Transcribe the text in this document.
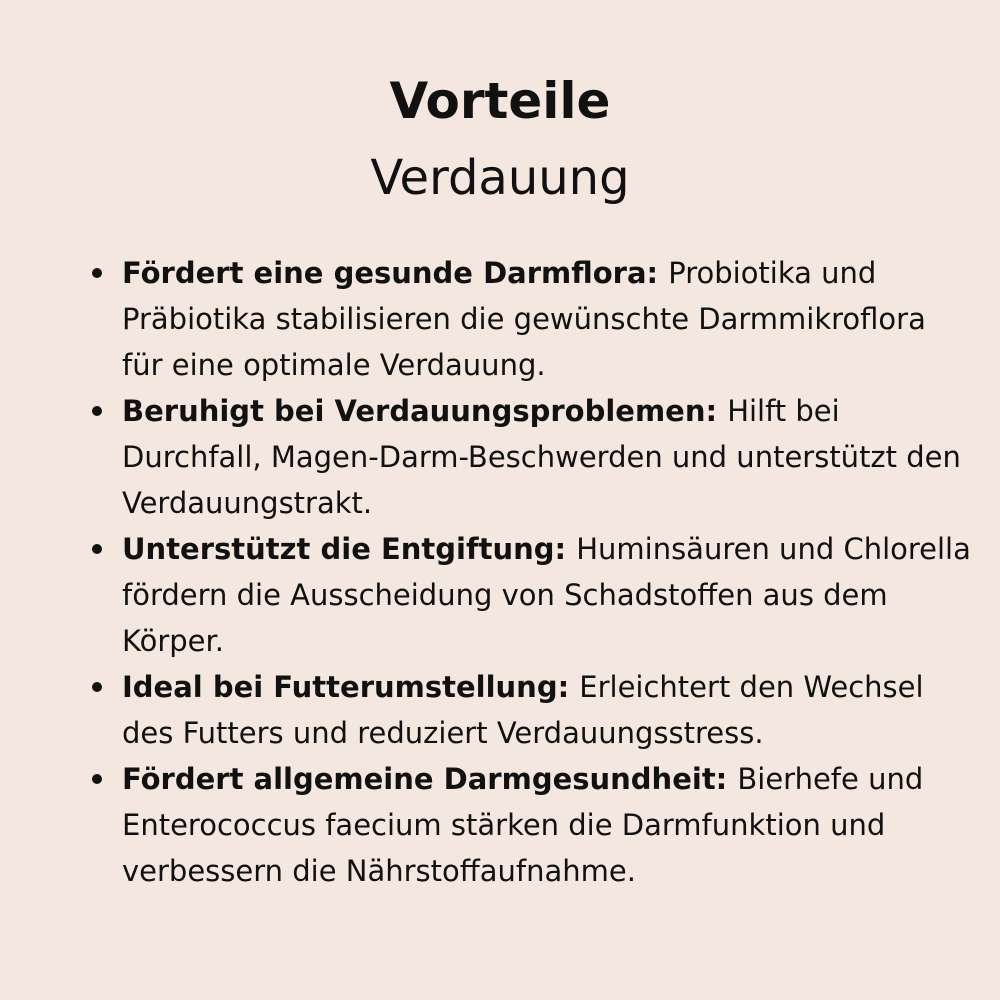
Vorteile
Verdauung
Fördert eine gesunde Darmflora: Probiotika und Präbiotika stabilisieren die gewünschte Darmmikroflora für eine optimale Verdauung.
Beruhigt bei Verdauungsproblemen: Hilft bei Durchfall, Magen-Darm-Beschwerden und unterstützt den Verdauungstrakt.
Unterstützt die Entgiftung: Huminsäuren und Chlorella fördern die Ausscheidung von Schadstoffen aus dem Körper.
Ideal bei Futterumstellung: Erleichtert den Wechsel des Futters und reduziert Verdauungsstress.
Fördert allgemeine Darmgesundheit: Bierhefe und Enterococcus faecium stärken die Darmfunktion und verbessern die Nährstoffaufnahme.
